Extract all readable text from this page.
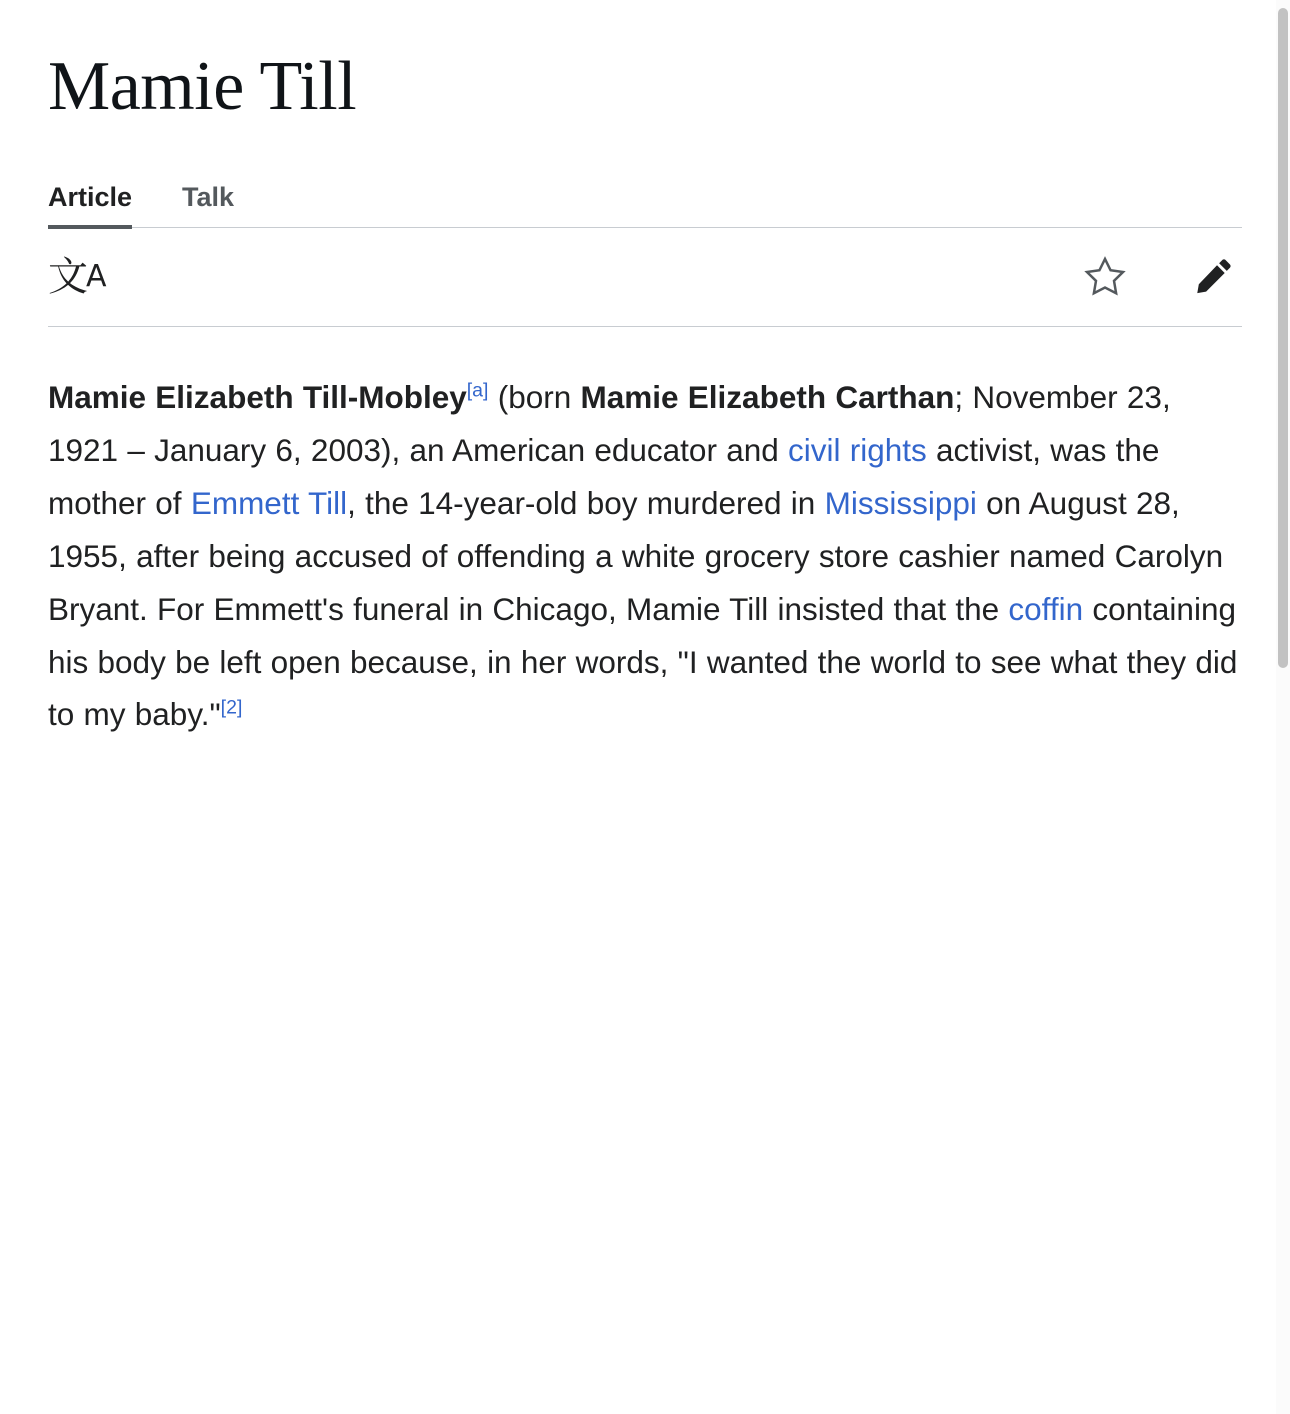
Mamie Till
Article Talk
文 A

Mamie Elizabeth Till-Mobley[a] (born Mamie Elizabeth Carthan; November 23, 1921 – January 6, 2003), an American educator and civil rights activist, was the mother of Emmett Till, the 14-year-old boy murdered in Mississippi on August 28, 1955, after being accused of offending a white grocery store cashier named Carolyn Bryant. For Emmett's funeral in Chicago, Mamie Till insisted that the coffin containing his body be left open because, in her words, "I wanted the world to see what they did to my baby."[2]
